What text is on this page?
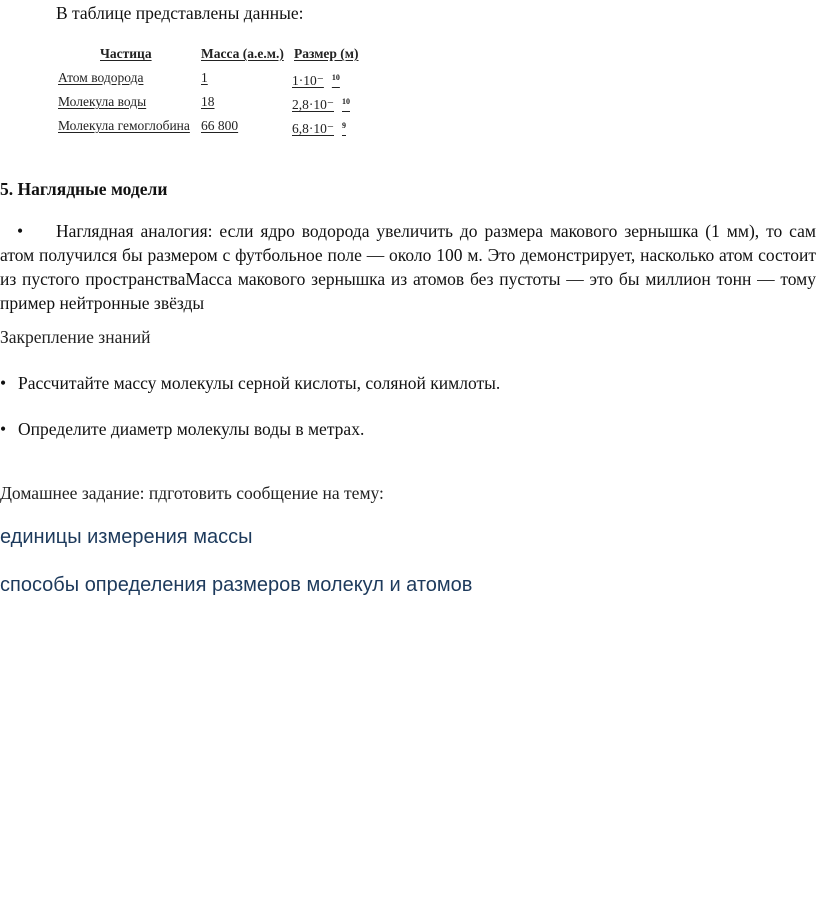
В таблице представлены данные:
Частица	Масса (а.е.м.) Размер (м)
Атом водорода	1	1·10⁻ $^{10}$
Молекула воды	18	2,8·10⁻ $^{10}$
Молекула гемоглобина 66 800	6,8·10⁻ $^9$
5. Наглядные модели
• Наглядная аналогия: если ядро водорода увеличить до размера макового зернышка (1 мм), то сам атом получился бы размером с футбольное поле — около 100 м. Это демонстрирует, насколько атом состоит из пустого пространстваМасса макового зернышка из атомов без пустоты — это бы миллион тонн — тому пример нейтронные звёзды
Закрепление знаний
• Рассчитайте массу молекулы серной кислоты, соляной кимлоты.
• Определите диаметр молекулы воды в метрах.
Домашнее задание: пдготовить сообщение на тему:
единицы измерения массы
способы определения размеров молекул и атомов
